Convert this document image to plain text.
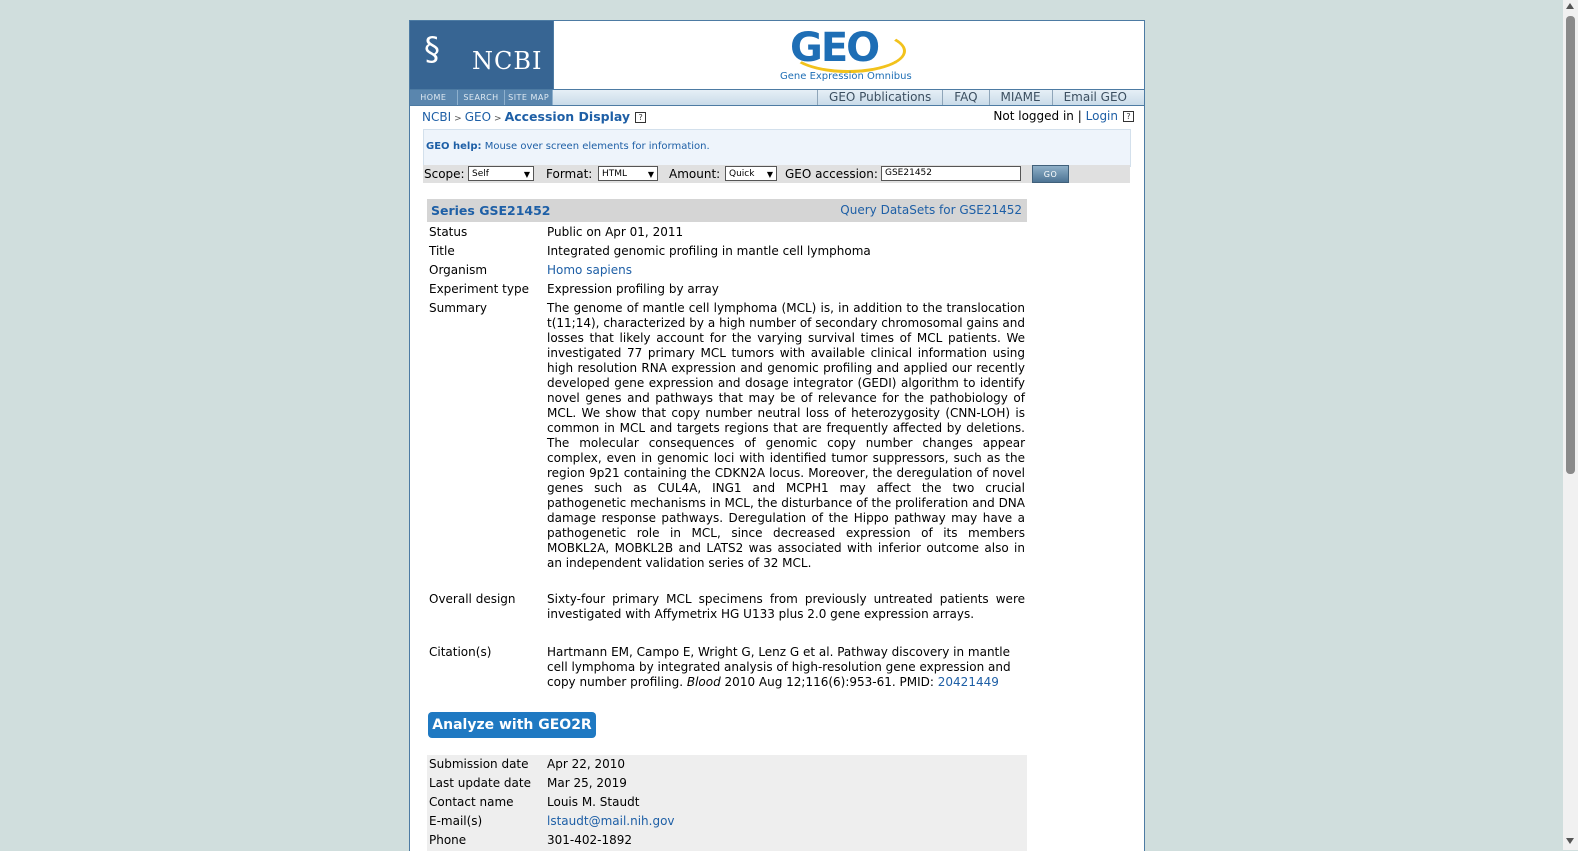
§ NCBI	GEO
Gene Expression Omnibus
HOME	SEARCH	SITE MAP	GEO Publications	FAQ	MIAME	Email GEO
NCBI > GEO > Accession Display ?	Not logged in | Login ?
GEO help: Mouse over screen elements for information.
Scope: Self	▼ Format:	HTML	▼ Amount: Quick ▼ GEO accession: GSE21452	GO
Series GSE21452	Query DataSets for GSE21452
Status	Public on Apr 01, 2011
Title	Integrated genomic profiling in mantle cell lymphoma
Organism	Homo sapiens
Experiment type	Expression profiling by array
Summary	The genome of mantle cell lymphoma (MCL) is, in addition to the translocation t(11;14), characterized by a high number of secondary chromosomal gains and losses that likely account for the varying survival times of MCL patients. We investigated 77 primary MCL tumors with available clinical information using high resolution RNA expression and genomic profiling and applied our recently developed gene expression and dosage integrator (GEDI) algorithm to identify novel genes and pathways that may be of relevance for the pathobiology of MCL. We show that copy number neutral loss of heterozygosity (CNN-LOH) is common in MCL and targets regions that are frequently affected by deletions. The molecular consequences of genomic copy number changes appear complex, even in genomic loci with identified tumor suppressors, such as the region 9p21 containing the CDKN2A locus. Moreover, the deregulation of novel genes such as CUL4A, ING1 and MCPH1 may affect the two crucial pathogenetic mechanisms in MCL, the disturbance of the proliferation and DNA damage response pathways. Deregulation of the Hippo pathway may have a pathogenetic role in MCL, since decreased expression of its members MOBKL2A, MOBKL2B and LATS2 was associated with inferior outcome also in an independent validation series of 32 MCL.
Overall design	Sixty-four primary MCL specimens from previously untreated patients were investigated with Affymetrix HG U133 plus 2.0 gene expression arrays.
Citation(s)	Hartmann EM, Campo E, Wright G, Lenz G et al. Pathway discovery in mantle cell lymphoma by integrated analysis of high-resolution gene expression and copy number profiling. Blood 2010 Aug 12;116(6):953-61. PMID: 20421449
Analyze with GEO2R
Submission date	Apr 22, 2010
Last update date	Mar 25, 2019
Contact name	Louis M. Staudt
E-mail(s)	lstaudt@mail.nih.gov
Phone	301-402-1892
